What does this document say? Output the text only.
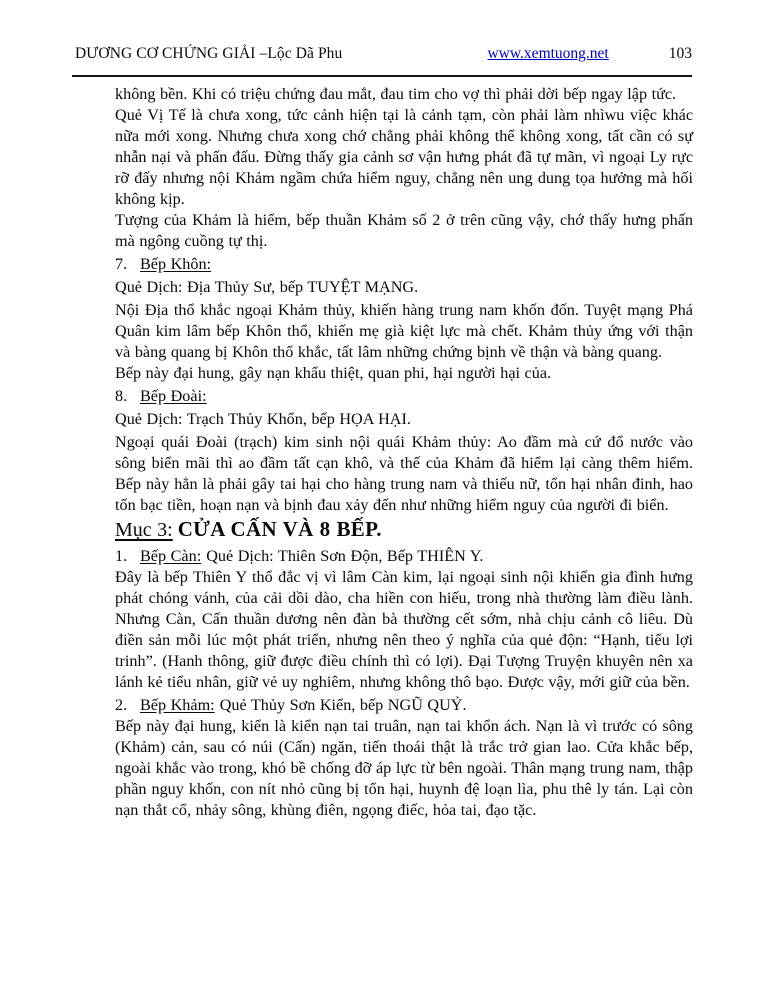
DƯƠNG CƠ CHỨNG GIẢI –Lộc Dã Phu	www.xemtuong.net	103

không bền. Khi có triệu chứng đau mắt, đau tim cho vợ thì phải dời bếp ngay lập tức.

Quẻ Vị Tế là chưa xong, tức cảnh hiện tại là cảnh tạm, còn phải làm nhìwu việc khác nữa mới xong. Nhưng chưa xong chớ chẳng phải không thể không xong, tất cần có sự nhẫn nại và phấn đấu. Đừng thấy gia cảnh sơ vận hưng phát đã tự mãn, vì ngoại Ly rực rỡ đấy nhưng nội Khảm ngầm chứa hiểm nguy, chẳng nên ung dung tọa hưởng mà hối không kịp.

Tượng của Khảm là hiểm, bếp thuần Khảm số 2 ở trên cũng vậy, chớ thấy hưng phấn mà ngông cuồng tự thị.

7. Bếp Khôn:

Quẻ Dịch: Địa Thủy Sư, bếp TUYỆT MẠNG.

Nội Địa thổ khắc ngoại Khảm thủy, khiến hàng trung nam khốn đốn. Tuyệt mạng Phá Quân kim lâm bếp Khôn thổ, khiến mẹ già kiệt lực mà chết. Khảm thủy ứng với thận và bàng quang bị Khôn thổ khắc, tất lâm những chứng bịnh về thận và bàng quang.

Bếp này đại hung, gây nạn khẩu thiệt, quan phi, hại người hại của.

8. Bếp Đoài:

Quẻ Dịch: Trạch Thủy Khổn, bếp HỌA HẠI.

Ngoại quái Đoài (trạch) kim sinh nội quái Khảm thủy: Ao đầm mà cứ đổ nước vào sông biển mãi thì ao đầm tất cạn khô, và thế của Khảm đã hiểm lại càng thêm hiểm. Bếp này hẳn là phải gây tai hại cho hàng trung nam và thiếu nữ, tổn hại nhân đinh, hao tốn bạc tiền, hoạn nạn và bịnh đau xảy đến như những hiểm nguy của người đi biển.

Mục 3: CỬA CẤN VÀ 8 BẾP.

1. Bếp Càn: Quẻ Dịch: Thiên Sơn Độn, Bếp THIÊN Y.

Đây là bếp Thiên Y thổ đắc vị vì lâm Càn kim, lại ngoại sinh nội khiến gia đình hưng phát chóng vánh, của cải dồi dào, cha hiền con hiếu, trong nhà thường làm điều lành. Nhưng Càn, Cấn thuần dương nên đàn bà thường cết sớm, nhà chịu cảnh cô liêu. Dù điền sản mỗi lúc một phát triển, nhưng nên theo ý nghĩa của quẻ độn: “Hạnh, tiểu lợi trinh”. (Hanh thông, giữ được điều chính thì có lợi). Đại Tượng Truyện khuyên nên xa lánh kẻ tiểu nhân, giữ vẻ uy nghiêm, nhưng không thô bạo. Được vậy, mới giữ của bền.

2. Bếp Khảm: Quẻ Thủy Sơn Kiển, bếp NGŨ QUỶ.

Bếp này đại hung, kiển là kiển nạn tai truân, nạn tai khổn ách. Nạn là vì trước có sông (Khảm) cản, sau có núi (Cấn) ngăn, tiến thoái thật là trắc trở gian lao. Cửa khắc bếp, ngoài khắc vào trong, khó bề chống đỡ áp lực từ bên ngoài. Thân mạng trung nam, thập phần nguy khốn, con nít nhỏ cũng bị tổn hại, huynh đệ loạn lìa, phu thê ly tán. Lại còn nạn thắt cổ, nhảy sông, khùng điên, ngọng điếc, hỏa tai, đạo tặc.
